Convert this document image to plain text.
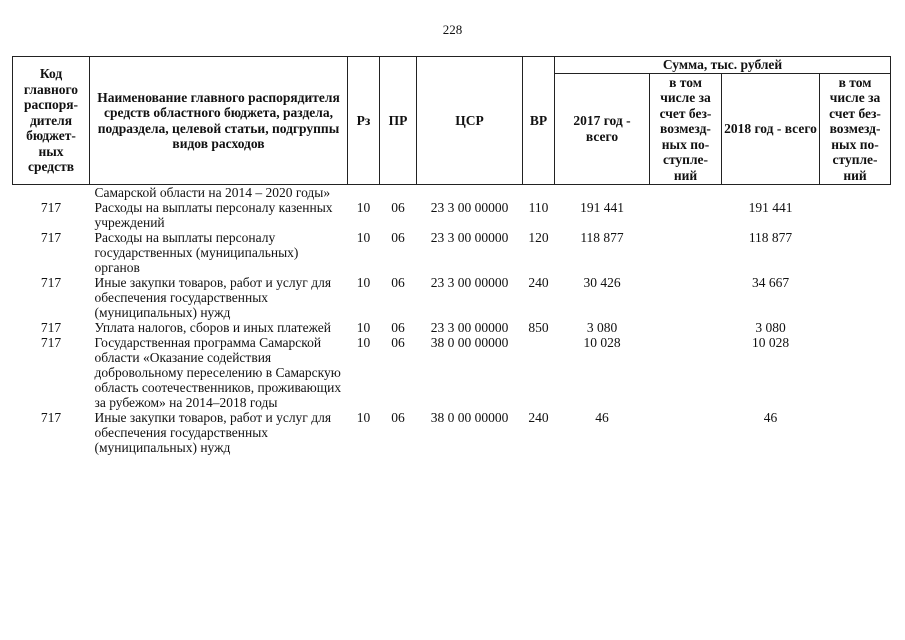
228
Код главного распоря- дителя бюджет- ных средств	Наименование главного распорядителя средств областного бюджета, раздела, подраздела, целевой статьи, подгруппы видов расходов	Рз	ПР	ЦСР	ВР	Сумма, тыс. рублей			
						2017 год - всего	в том числе за счет без- возмезд- ных по- ступле- ний	2018 год - всего	в том числе за счет без- возмезд- ных по- ступле- ний
	Самарской области на 2014 – 2020 годы»								
717	Расходы на выплаты персоналу казенных учреждений	10	06	23 3 00 00000	110	191 441		191 441	
717	Расходы на выплаты персоналу государственных (муниципальных) органов	10	06	23 3 00 00000	120	118 877		118 877	
717	Иные закупки товаров, работ и услуг для обеспечения государственных (муниципальных) нужд	10	06	23 3 00 00000	240	30 426		34 667	
717	Уплата налогов, сборов и иных платежей	10	06	23 3 00 00000	850	3 080		3 080	
717	Государственная программа Самарской области «Оказание содействия добровольному переселению в Самарскую область соотечественников, проживающих за рубежом» на 2014–2018 годы	10	06	38 0 00 00000		10 028		10 028	
717	Иные закупки товаров, работ и услуг для обеспечения государственных (муниципальных) нужд	10	06	38 0 00 00000	240	46		46	
